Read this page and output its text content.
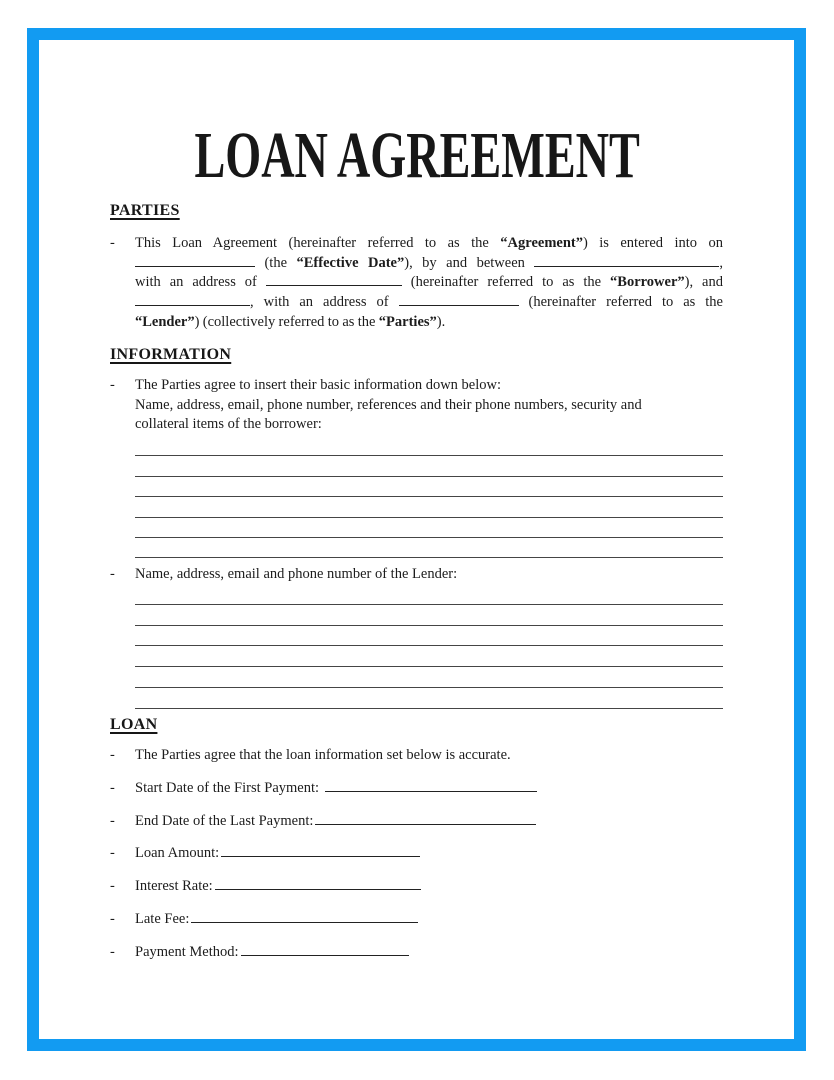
LOAN AGREEMENT
PARTIES
-	This Loan Agreement (hereinafter referred to as the “Agreement”) is entered into on
(the “Effective Date”), by and between	,
with an address of	(hereinafter referred to as the “Borrower”), and
, with an address of	(hereinafter referred to as the
“Lender”) (collectively referred to as the “Parties”).
INFORMATION
-	The Parties agree to insert their basic information down below:
Name, address, email, phone number, references and their phone numbers, security and
collateral items of the borrower:
-	Name, address, email and phone number of the Lender:
LOAN
-	The Parties agree that the loan information set below is accurate.
-	Start Date of the First Payment:
-	End Date of the Last Payment:
-	Loan Amount:
-	Interest Rate:
-	Late Fee:
-	Payment Method:
